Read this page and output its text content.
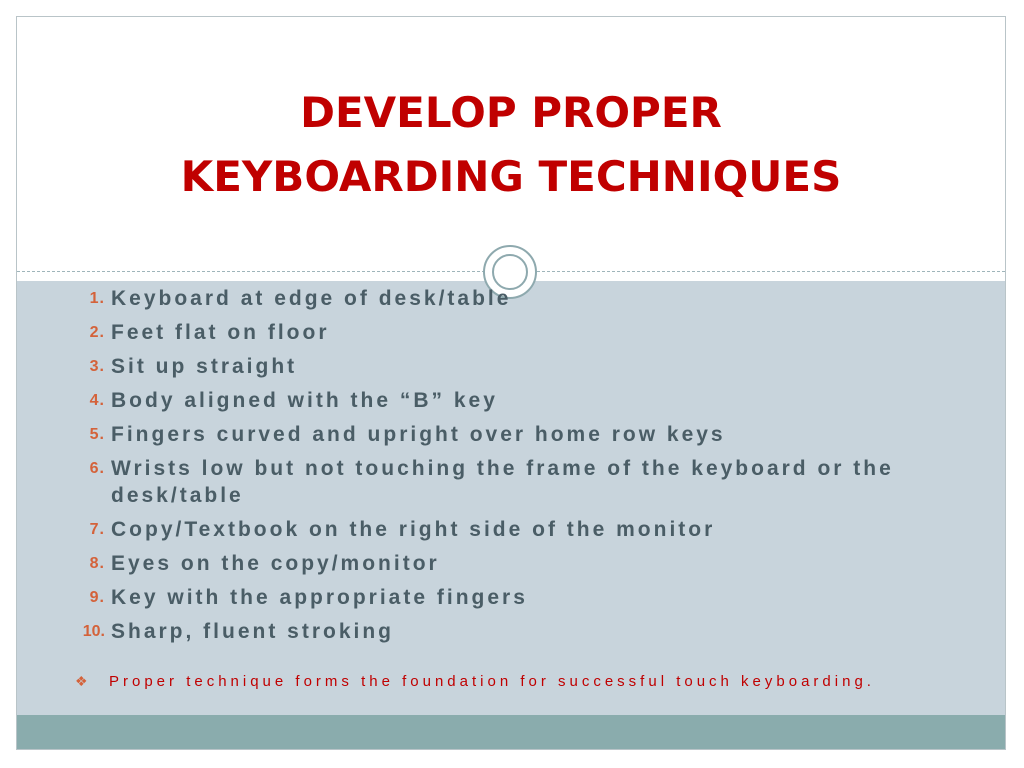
DEVELOP PROPER
KEYBOARDING TECHNIQUES
1. Keyboard at edge of desk/table
2. Feet flat on floor
3. Sit up straight
4. Body aligned with the “B” key
5. Fingers curved and upright over home row keys
6. Wrists low but not touching the frame of the keyboard or the desk/table
7. Copy/Textbook on the right side of the monitor
8. Eyes on the copy/monitor
9. Key with the appropriate fingers
10. Sharp, fluent stroking
❖	Proper technique forms the foundation for successful touch keyboarding.
